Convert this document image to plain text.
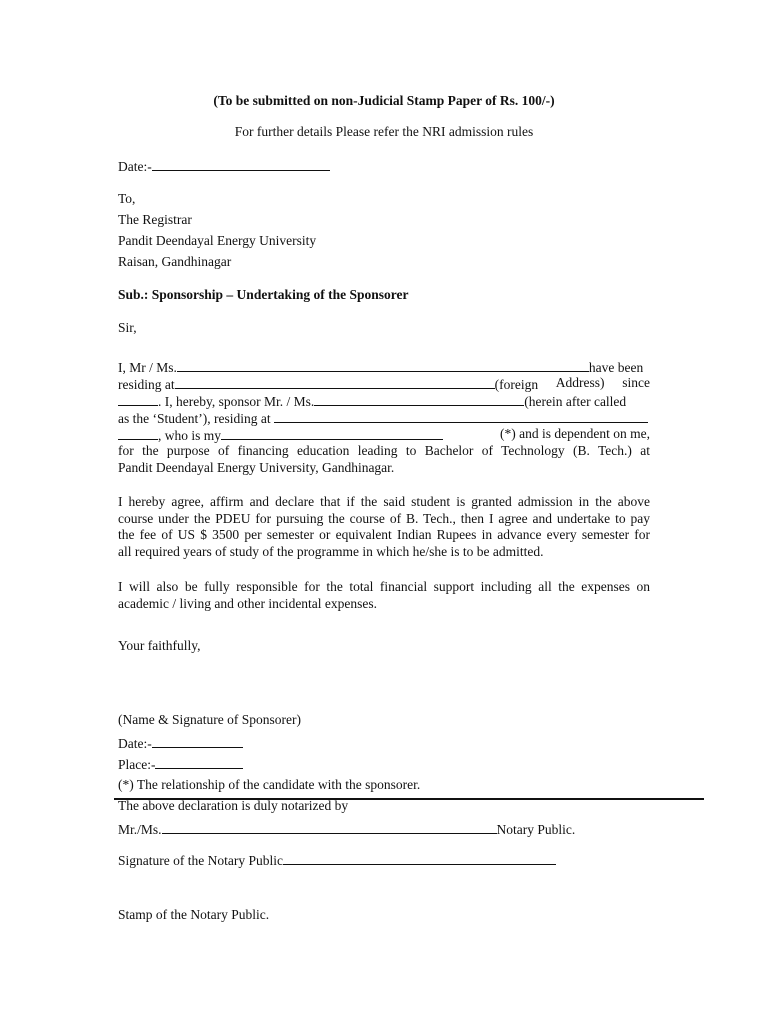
(To be submitted on non-Judicial Stamp Paper of Rs. 100/-)
For further details Please refer the NRI admission rules
Date:-
To,
The Registrar
Pandit Deendayal Energy University
Raisan, Gandhinagar
Sub.: Sponsorship – Undertaking of the Sponsorer
Sir,
I, Mr / Ms.	have been
residing at	(foreign Address) since
. I, hereby, sponsor Mr. / Ms.	(herein after called
as the ‘Student’), residing at
, who is my	(*) and is dependent on me,
for the purpose of financing education leading to Bachelor of Technology (B. Tech.) at
Pandit Deendayal Energy University, Gandhinagar.
I hereby agree, affirm and declare that if the said student is granted admission in the above
course under the PDEU for pursuing the course of B. Tech., then I agree and undertake to pay
the fee of US $ 3500 per semester or equivalent Indian Rupees in advance every semester for
all required years of study of the programme in which he/she is to be admitted.
I will also be fully responsible for the total financial support including all the expenses on
academic / living and other incidental expenses.
Your faithfully,
(Name & Signature of Sponsorer)
Date:-
Place:-
(*) The relationship of the candidate with the sponsorer.
The above declaration is duly notarized by
Mr./Ms.	Notary Public.
Signature of the Notary Public
Stamp of the Notary Public.
